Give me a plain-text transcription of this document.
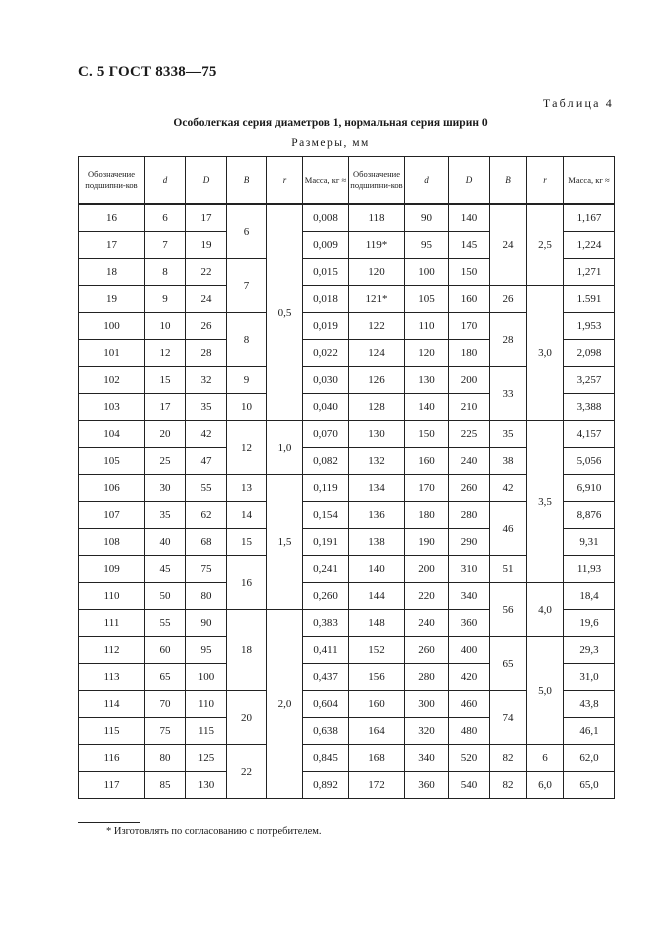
С. 5 ГОСТ 8338—75
Таблица 4
Особолегкая серия диаметров 1, нормальная серия ширин 0
Размеры, мм
Обозначение подшипни-ков	d	D	B	r	Масса, кг ≈	Обозначение подшипни-ков	d	D	B	r	Масса, кг ≈
16	6	17	6	0,5	0,008	118	90	140	24	2,5	1,167
17	7	19			0,009	119*	95	145			1,224
18	8	22	7		0,015	120	100	150			1,271
19	9	24			0,018	121*	105	160	26	3,0	1.591
100	10	26	8		0,019	122	110	170	28		1,953
101	12	28			0,022	124	120	180			2,098
102	15	32	9		0,030	126	130	200	33		3,257
103	17	35	10		0,040	128	140	210			3,388
104	20	42	12	1,0	0,070	130	150	225	35	3,5	4,157
105	25	47			0,082	132	160	240	38		5,056
106	30	55	13	1,5	0,119	134	170	260	42		6,910
107	35	62	14		0,154	136	180	280	46		8,876
108	40	68	15		0,191	138	190	290			9,31
109	45	75	16		0,241	140	200	310	51		11,93
110	50	80			0,260	144	220	340	56	4,0	18,4
111	55	90	18	2,0	0,383	148	240	360			19,6
112	60	95			0,411	152	260	400	65	5,0	29,3
113	65	100			0,437	156	280	420			31,0
114	70	110	20		0,604	160	300	460	74		43,8
115	75	115			0,638	164	320	480			46,1
116	80	125	22		0,845	168	340	520	82	6	62,0
117	85	130			0,892	172	360	540	82	6,0	65,0
* Изготовлять по согласованию с потребителем.
